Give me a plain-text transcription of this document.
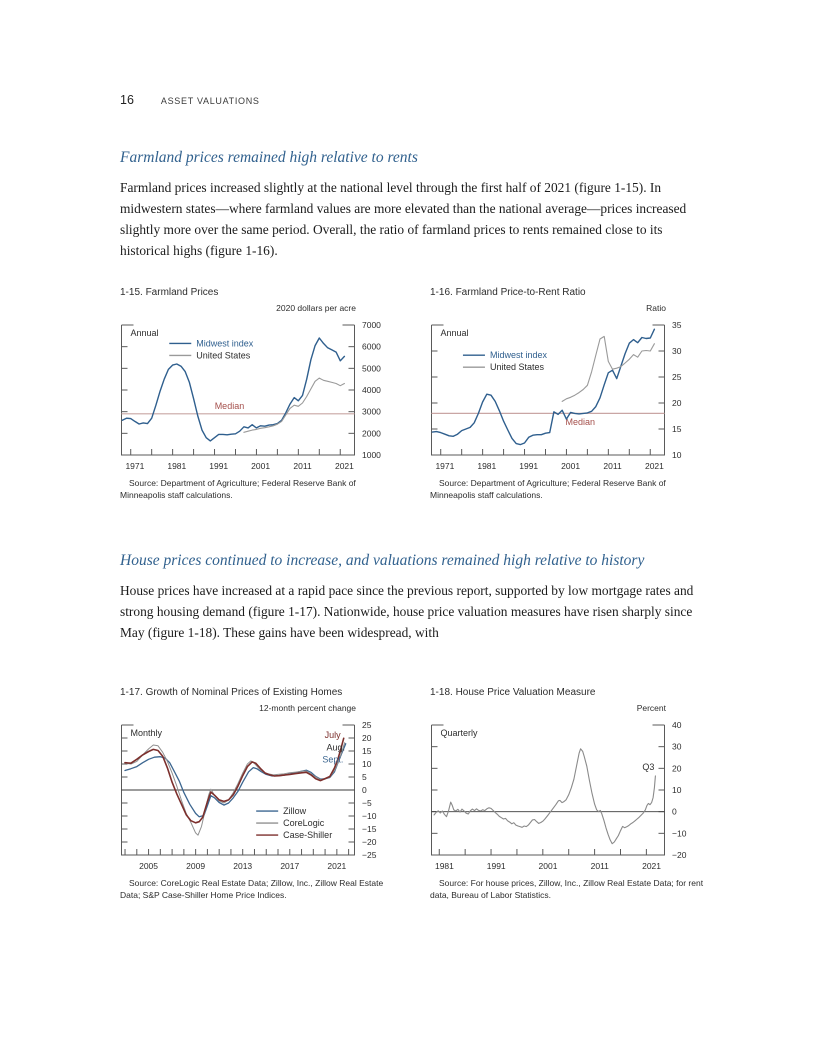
16	ASSET VALUATIONS
Farmland prices remained high relative to rents

Farmland prices increased slightly at the national level through the first half of 2021 (figure 1-15). In midwestern states—where farmland values are more elevated than the national average—prices increased slightly more over the same period. Overall, the ratio of farmland prices to rents remained close to its historical highs (figure 1-16).

1-15. Farmland Prices
2020 dollars per acre
1000
2000
3000
4000
5000
6000
7000
1971	1981	1991	2001	2011	2021
Median
Annual
Midwest index
United States
Source: Department of Agriculture; Federal Reserve Bank of Minneapolis staff calculations.
1-16. Farmland Price-to-Rent Ratio
Ratio
10
15
20
25
30
35
1971	1981	1991	2001	2011	2021
Median
Annual
Midwest index
United States
Source: Department of Agriculture; Federal Reserve Bank of Minneapolis staff calculations.
House prices continued to increase, and valuations remained high relative to history

House prices have increased at a rapid pace since the previous report, supported by low mortgage rates and strong housing demand (figure 1-17). Nationwide, house price valuation measures have risen sharply since May (figure 1-18). These gains have been widespread, with

1-17. Growth of Nominal Prices of Existing Homes
12-month percent change
−25
−20
−15
−10
−5
0
5
10
15
20
25
2005	2009	2013	2017	2021
Monthly
Zillow
CoreLogic
Case-Shiller
July
Aug.
Sept.
Source: CoreLogic Real Estate Data; Zillow, Inc., Zillow Real Estate Data; S&P Case-Shiller Home Price Indices.
1-18. House Price Valuation Measure
Percent
−20
−10
0
10
20
30
40
1981	1991	2001	2011	2021
Quarterly
Q3
Source: For house prices, Zillow, Inc., Zillow Real Estate Data; for rent data, Bureau of Labor Statistics.
